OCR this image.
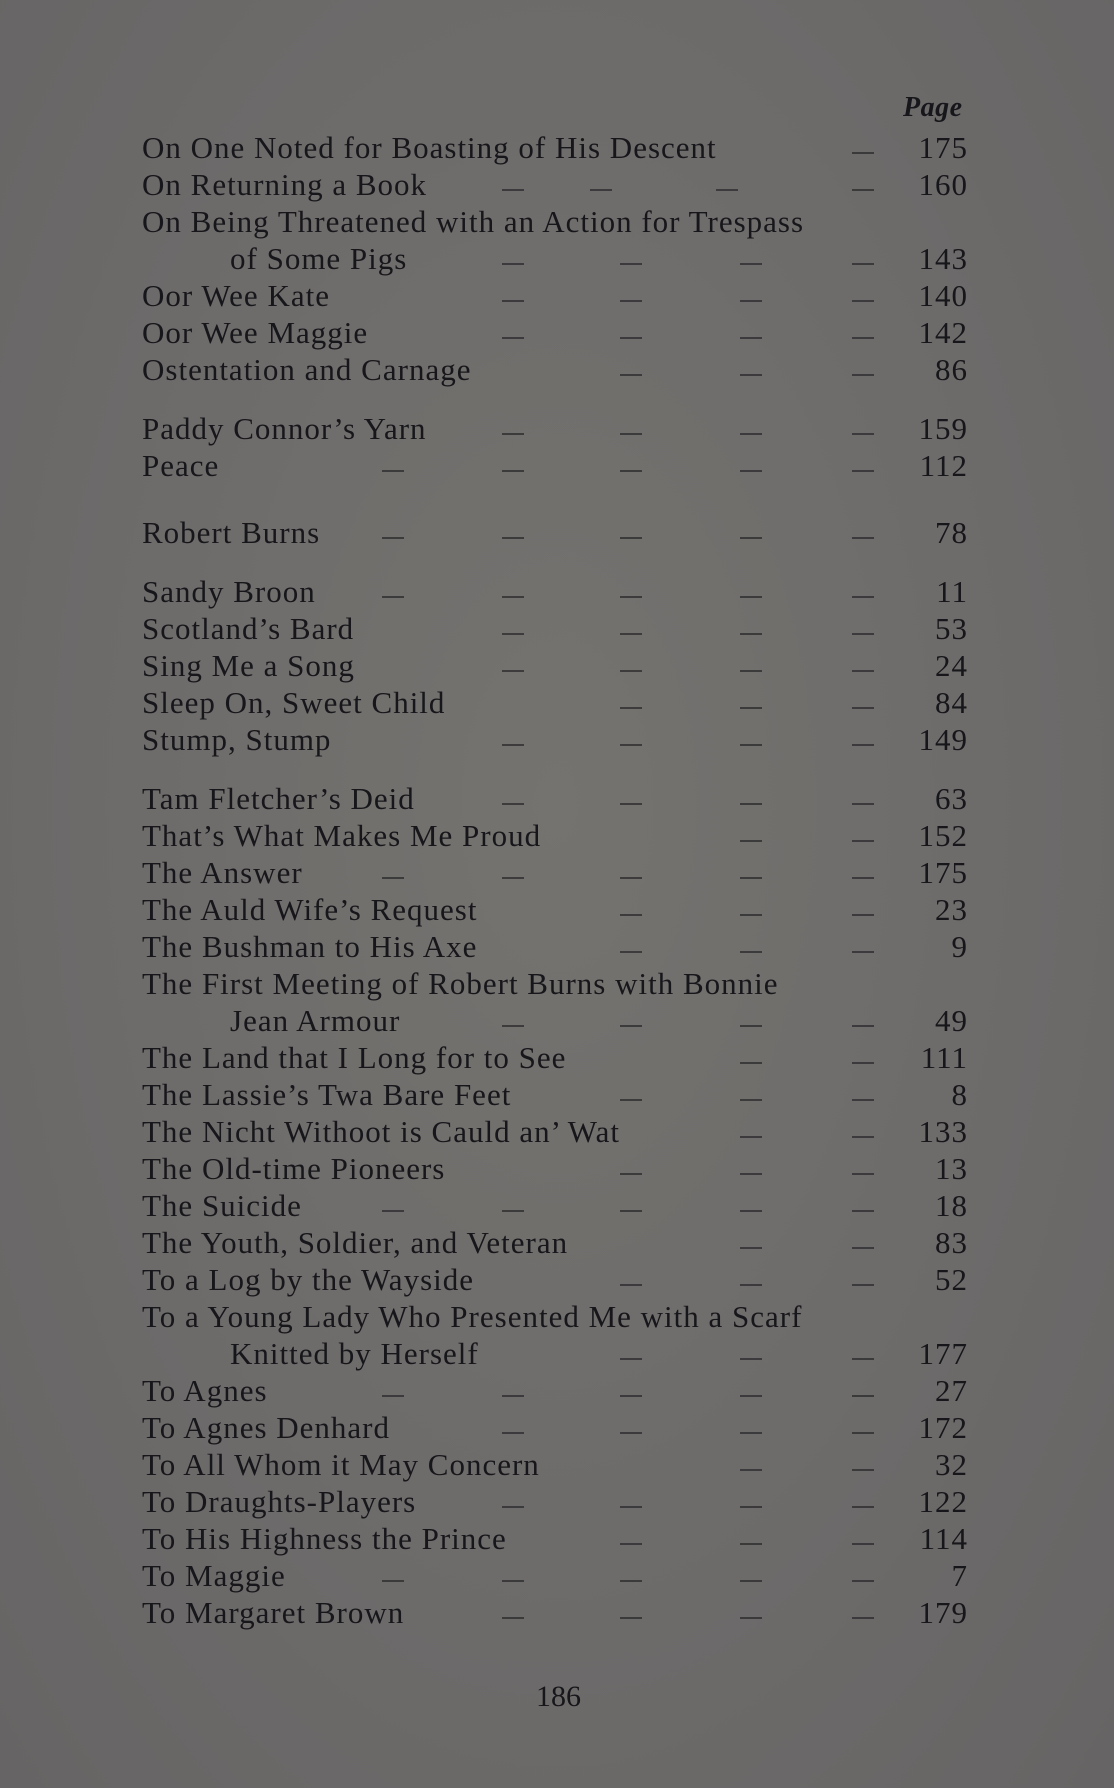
Page
On One Noted for Boasting of His Descent	175
On Returning a Book	160
On Being Threatened with an Action for Trespass
of Some Pigs	143
Oor Wee Kate	140
Oor Wee Maggie	142
Ostentation and Carnage	86
Paddy Connor’s Yarn	159
Peace	112
Robert Burns	78
Sandy Broon	11
Scotland’s Bard	53
Sing Me a Song	24
Sleep On, Sweet Child	84
Stump, Stump	149
Tam Fletcher’s Deid	63
That’s What Makes Me Proud	152
The Answer	175
The Auld Wife’s Request	23
The Bushman to His Axe	9
The First Meeting of Robert Burns with Bonnie
Jean Armour	49
The Land that I Long for to See	111
The Lassie’s Twa Bare Feet	8
The Nicht Withoot is Cauld an’ Wat	133
The Old-time Pioneers	13
The Suicide	18
The Youth, Soldier, and Veteran	83
To a Log by the Wayside	52
To a Young Lady Who Presented Me with a Scarf
Knitted by Herself	177
To Agnes	27
To Agnes Denhard	172
To All Whom it May Concern	32
To Draughts-Players	122
To His Highness the Prince	114
To Maggie	7
To Margaret Brown	179
186
